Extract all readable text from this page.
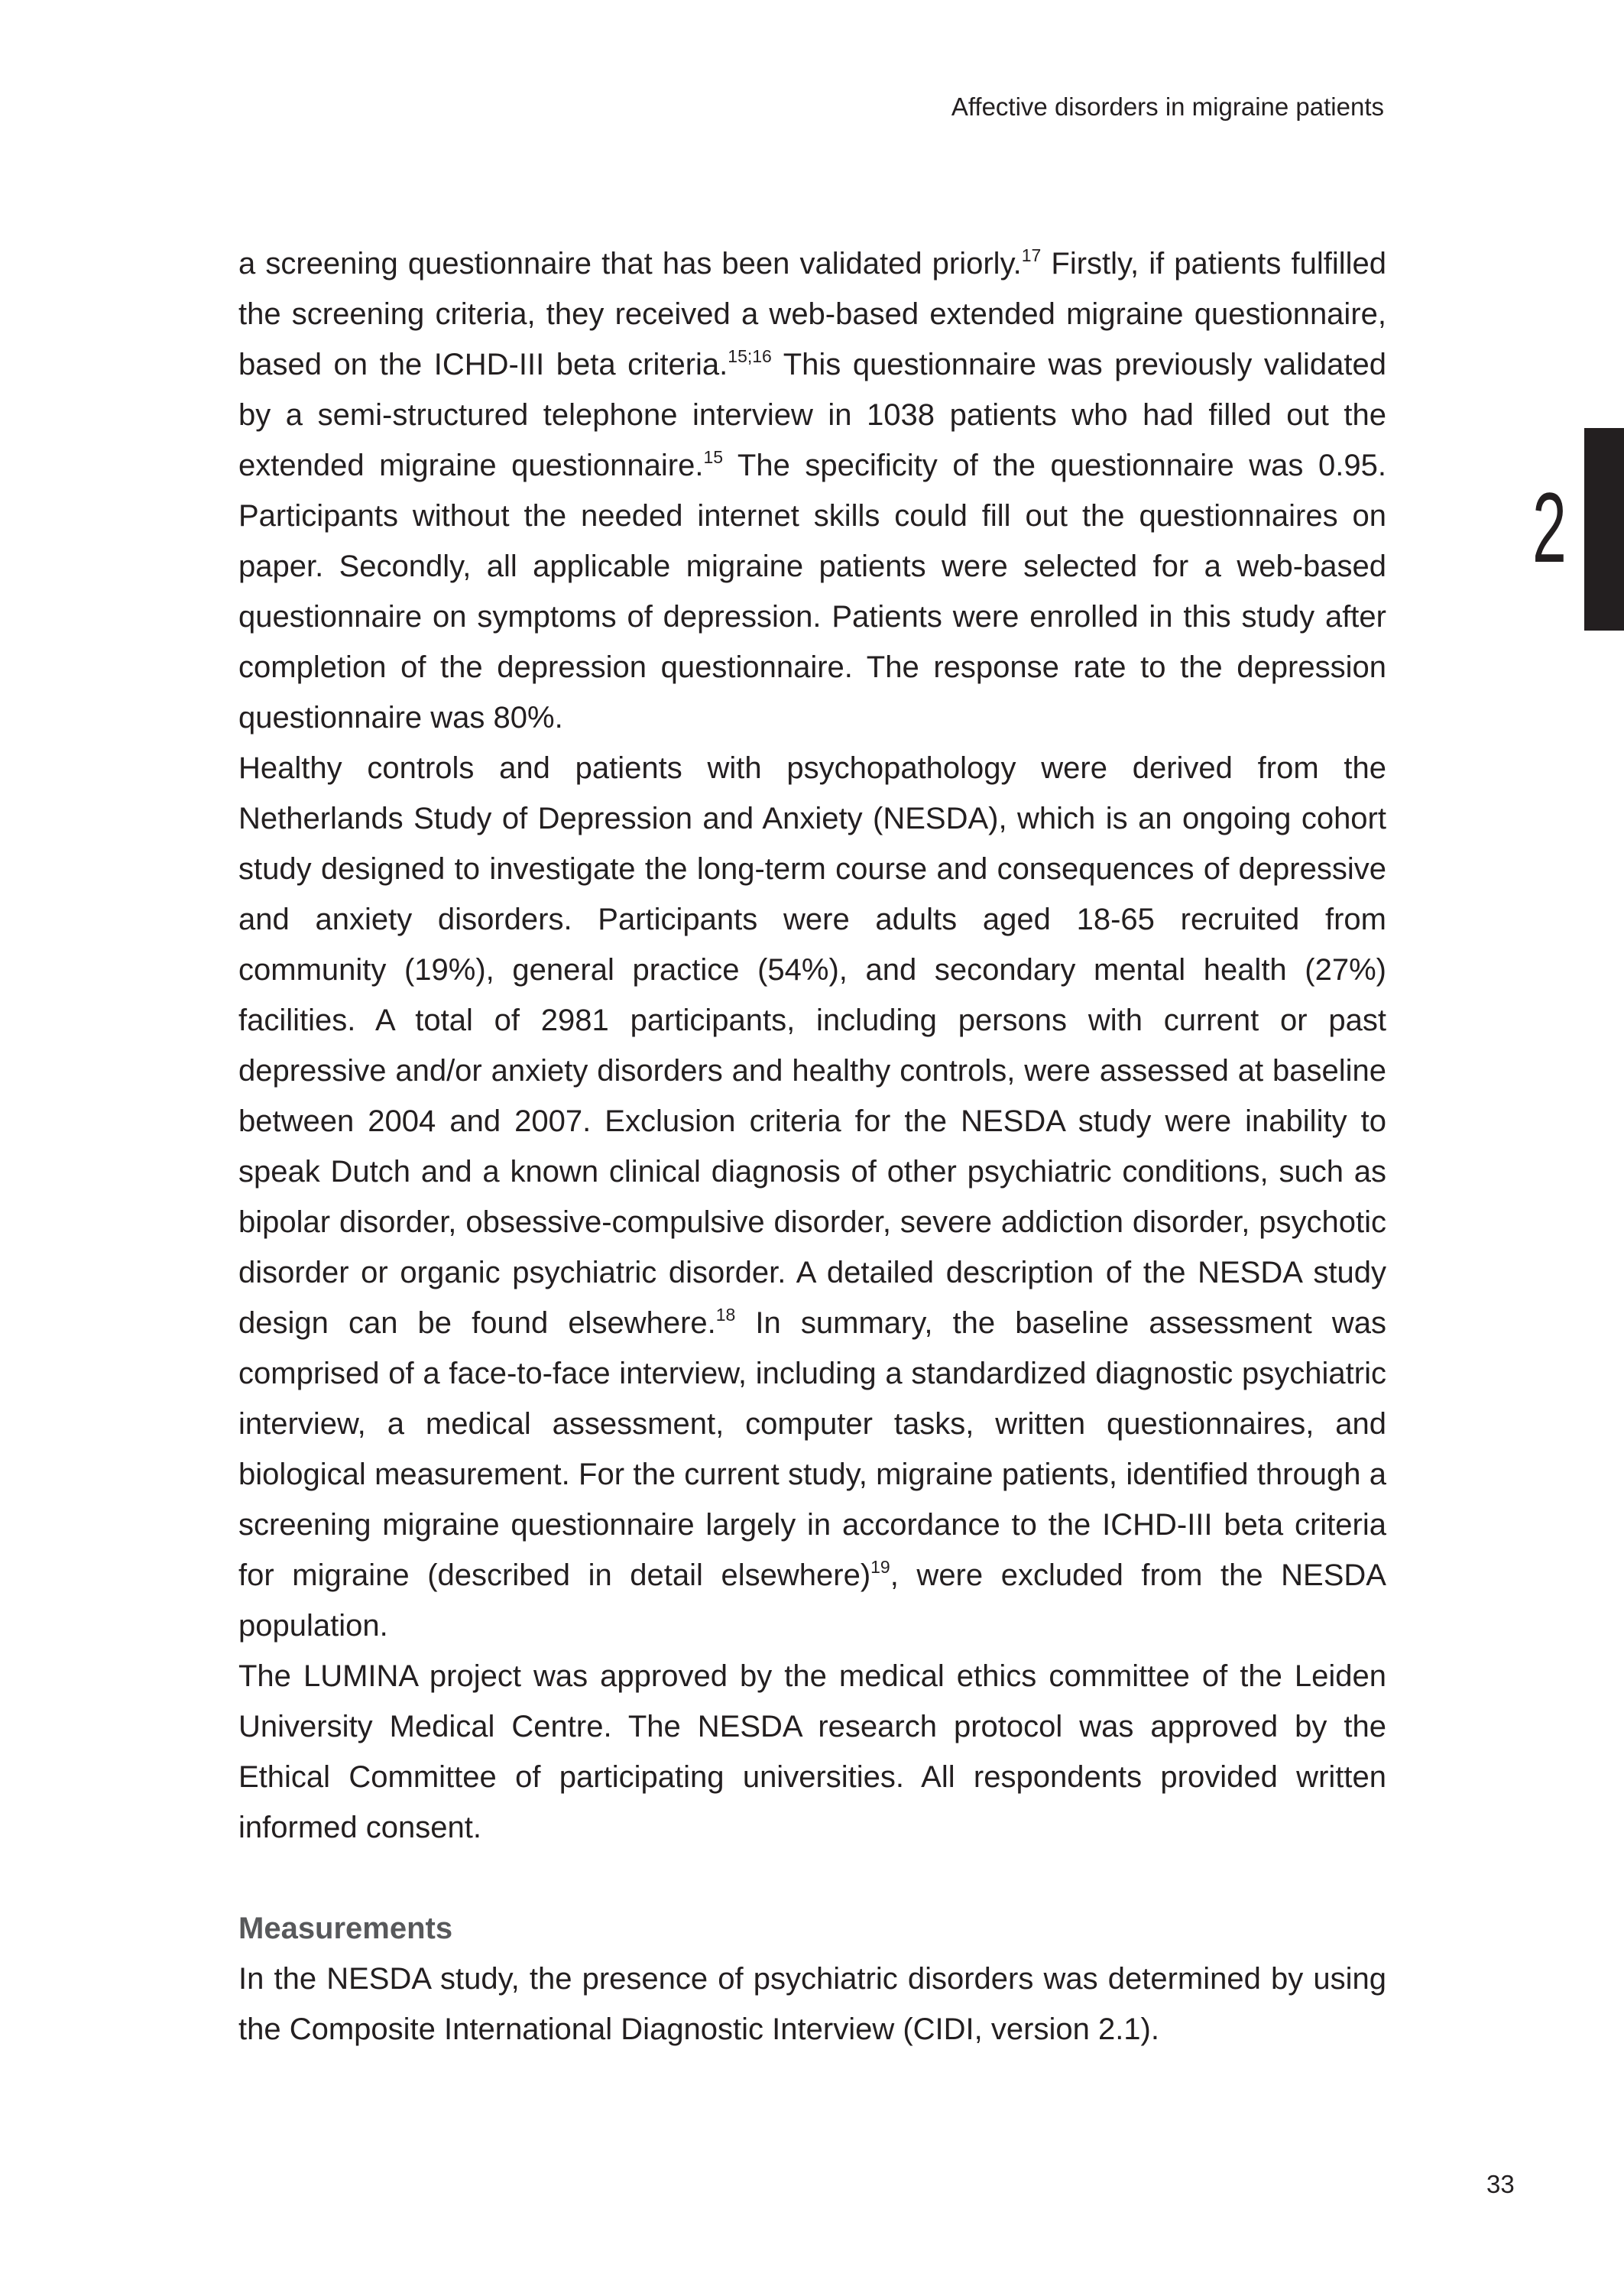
Affective disorders in migraine patients
2

a screening questionnaire that has been validated priorly.$^{17}$ Firstly, if patients fulfilled the screening criteria, they received a web-based extended migraine questionnaire, based on the ICHD-III beta criteria.$^{15;16}$ This questionnaire was previously validated by a semi-structured telephone interview in 1038 patients who had filled out the extended migraine questionnaire.$^{15}$ The specificity of the questionnaire was 0.95. Participants without the needed internet skills could fill out the questionnaires on paper. Secondly, all applicable migraine patients were selected for a web-based questionnaire on symptoms of depression. Patients were enrolled in this study after completion of the depression questionnaire. The response rate to the depression questionnaire was 80%.

Healthy controls and patients with psychopathology were derived from the Netherlands Study of Depression and Anxiety (NESDA), which is an ongoing cohort study designed to investigate the long-term course and consequences of depressive and anxiety disorders. Participants were adults aged 18-65 recruited from community (19%), general practice (54%), and secondary mental health (27%) facilities. A total of 2981 participants, including persons with current or past depressive and/or anxiety disorders and healthy controls, were assessed at baseline between 2004 and 2007. Exclusion criteria for the NESDA study were inability to speak Dutch and a known clinical diagnosis of other psychiatric conditions, such as bipolar disorder, obsessive-compulsive disorder, severe addiction disorder, psychotic disorder or organic psychiatric disorder. A detailed description of the NESDA study design can be found elsewhere.$^{18}$ In summary, the baseline assessment was comprised of a face-to-face interview, including a standardized diagnostic psychiatric interview, a medical assessment, computer tasks, written questionnaires, and biological measurement. For the current study, migraine patients, identified through a screening migraine questionnaire largely in accordance to the ICHD-III beta criteria for migraine (described in detail elsewhere)$^{19}$, were excluded from the NESDA population.

The LUMINA project was approved by the medical ethics committee of the Leiden University Medical Centre. The NESDA research protocol was approved by the Ethical Committee of participating universities. All respondents provided written informed consent.

Measurements

In the NESDA study, the presence of psychiatric disorders was determined by using the Composite International Diagnostic Interview (CIDI, version 2.1).

33
